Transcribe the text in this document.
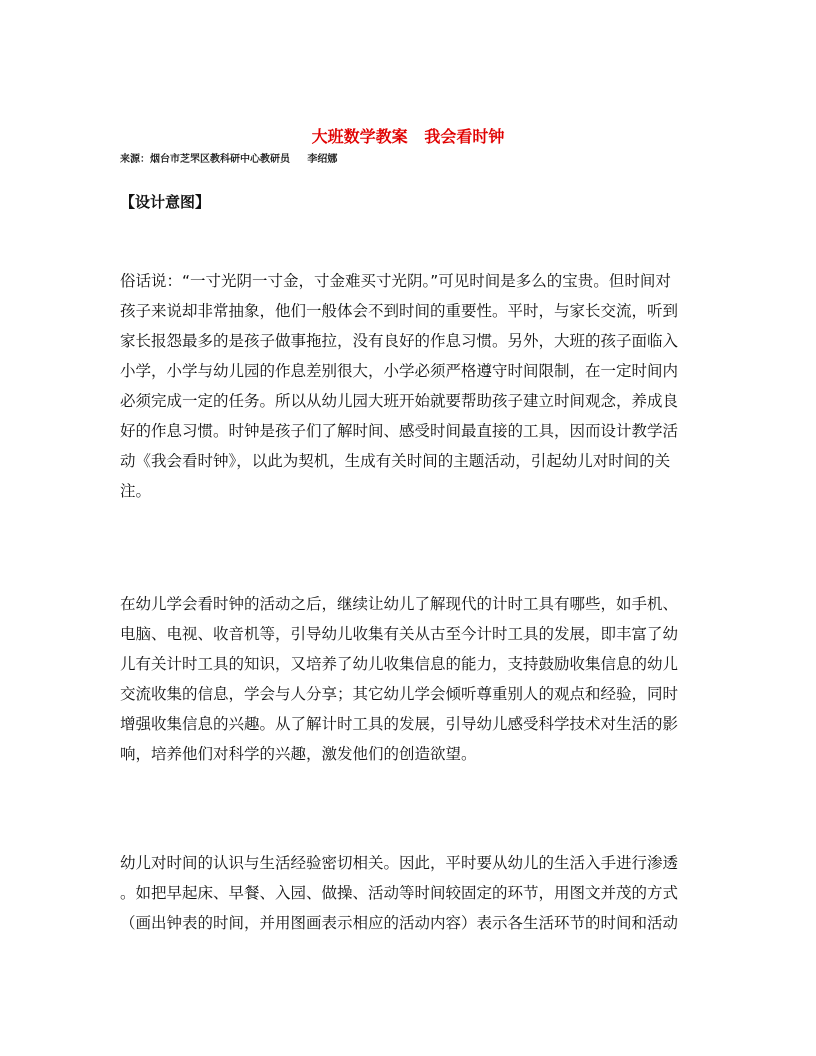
大班数学教案   我会看时钟
来源：烟台市芝罘区教科研中心教研员     李绍娜
【设计意图】

俗话说：“一寸光阴一寸金，寸金难买寸光阴。”可见时间是多么的宝贵。但时间对
孩子来说却非常抽象，他们一般体会不到时间的重要性。平时，与家长交流，听到
家长报怨最多的是孩子做事拖拉，没有良好的作息习惯。另外，大班的孩子面临入
小学，小学与幼儿园的作息差别很大，小学必须严格遵守时间限制，在一定时间内
必须完成一定的任务。所以从幼儿园大班开始就要帮助孩子建立时间观念，养成良
好的作息习惯。时钟是孩子们了解时间、感受时间最直接的工具，因而设计教学活
动《我会看时钟》，以此为契机，生成有关时间的主题活动，引起幼儿对时间的关
注。

在幼儿学会看时钟的活动之后，继续让幼儿了解现代的计时工具有哪些，如手机、
电脑、电视、收音机等，引导幼儿收集有关从古至今计时工具的发展，即丰富了幼
儿有关计时工具的知识，又培养了幼儿收集信息的能力，支持鼓励收集信息的幼儿
交流收集的信息，学会与人分享；其它幼儿学会倾听尊重别人的观点和经验，同时
增强收集信息的兴趣。从了解计时工具的发展，引导幼儿感受科学技术对生活的影
响，培养他们对科学的兴趣，激发他们的创造欲望。

幼儿对时间的认识与生活经验密切相关。因此，平时要从幼儿的生活入手进行渗透
。如把早起床、早餐、入园、做操、活动等时间较固定的环节，用图文并茂的方式
（画出钟表的时间，并用图画表示相应的活动内容）表示各生活环节的时间和活动
